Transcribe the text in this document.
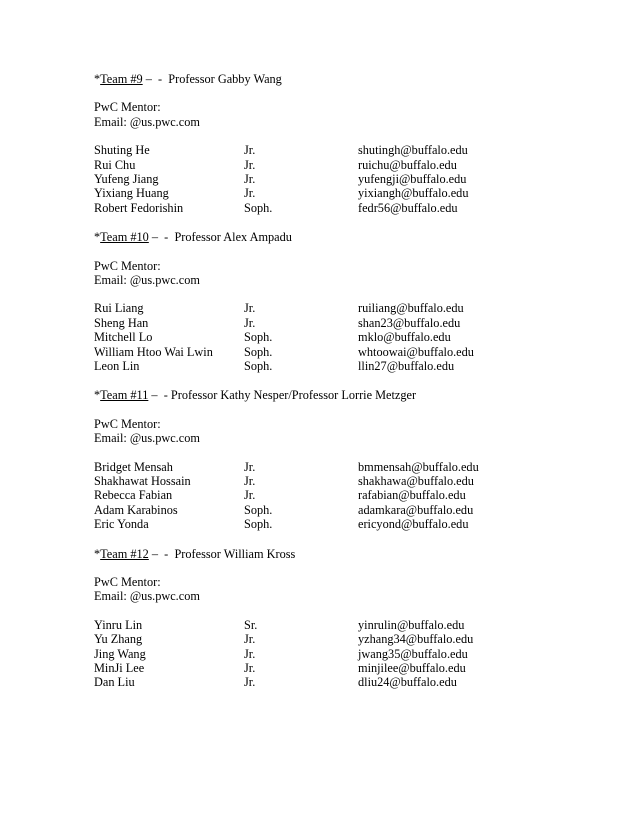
*Team #9 –  -  Professor Gabby Wang
PwC Mentor:
Email: @us.pwc.com
Shuting He	Jr.	shutingh@buffalo.edu
Rui Chu	Jr.	ruichu@buffalo.edu
Yufeng Jiang	Jr.	yufengji@buffalo.edu
Yixiang Huang	Jr.	yixiangh@buffalo.edu
Robert Fedorishin	Soph.	fedr56@buffalo.edu
*Team #10 –  -  Professor Alex Ampadu
PwC Mentor:
Email: @us.pwc.com
Rui Liang	Jr.	ruiliang@buffalo.edu
Sheng Han	Jr.	shan23@buffalo.edu
Mitchell Lo	Soph.	mklo@buffalo.edu
William Htoo Wai Lwin	Soph.	whtoowai@buffalo.edu
Leon Lin	Soph.	llin27@buffalo.edu
*Team #11 –  - Professor Kathy Nesper/Professor Lorrie Metzger
PwC Mentor:
Email: @us.pwc.com
Bridget Mensah	Jr.	bmmensah@buffalo.edu
Shakhawat Hossain	Jr.	shakhawa@buffalo.edu
Rebecca Fabian	Jr.	rafabian@buffalo.edu
Adam Karabinos	Soph.	adamkara@buffalo.edu
Eric Yonda	Soph.	ericyond@buffalo.edu
*Team #12 –  -  Professor William Kross
PwC Mentor:
Email: @us.pwc.com
Yinru Lin	Sr.	yinrulin@buffalo.edu
Yu Zhang	Jr.	yzhang34@buffalo.edu
Jing Wang	Jr.	jwang35@buffalo.edu
MinJi Lee	Jr.	minjilee@buffalo.edu
Dan Liu	Jr.	dliu24@buffalo.edu
